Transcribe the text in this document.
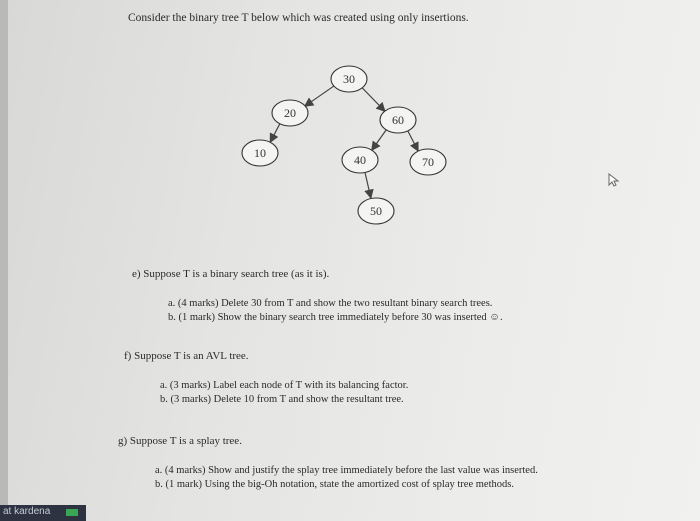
Consider the binary tree T below which was created using only insertions.
30
20	60
10	40	70
50
e) Suppose T is a binary search tree (as it is).
a. (4 marks) Delete 30 from T and show the two resultant binary search trees.
b. (1 mark) Show the binary search tree immediately before 30 was inserted ☺.
f) Suppose T is an AVL tree.
a. (3 marks) Label each node of T with its balancing factor.
b. (3 marks) Delete 10 from T and show the resultant tree.
g) Suppose T is a splay tree.
a. (4 marks) Show and justify the splay tree immediately before the last value was inserted.
b. (1 mark) Using the big-Oh notation, state the amortized cost of splay tree methods.
at kardena
